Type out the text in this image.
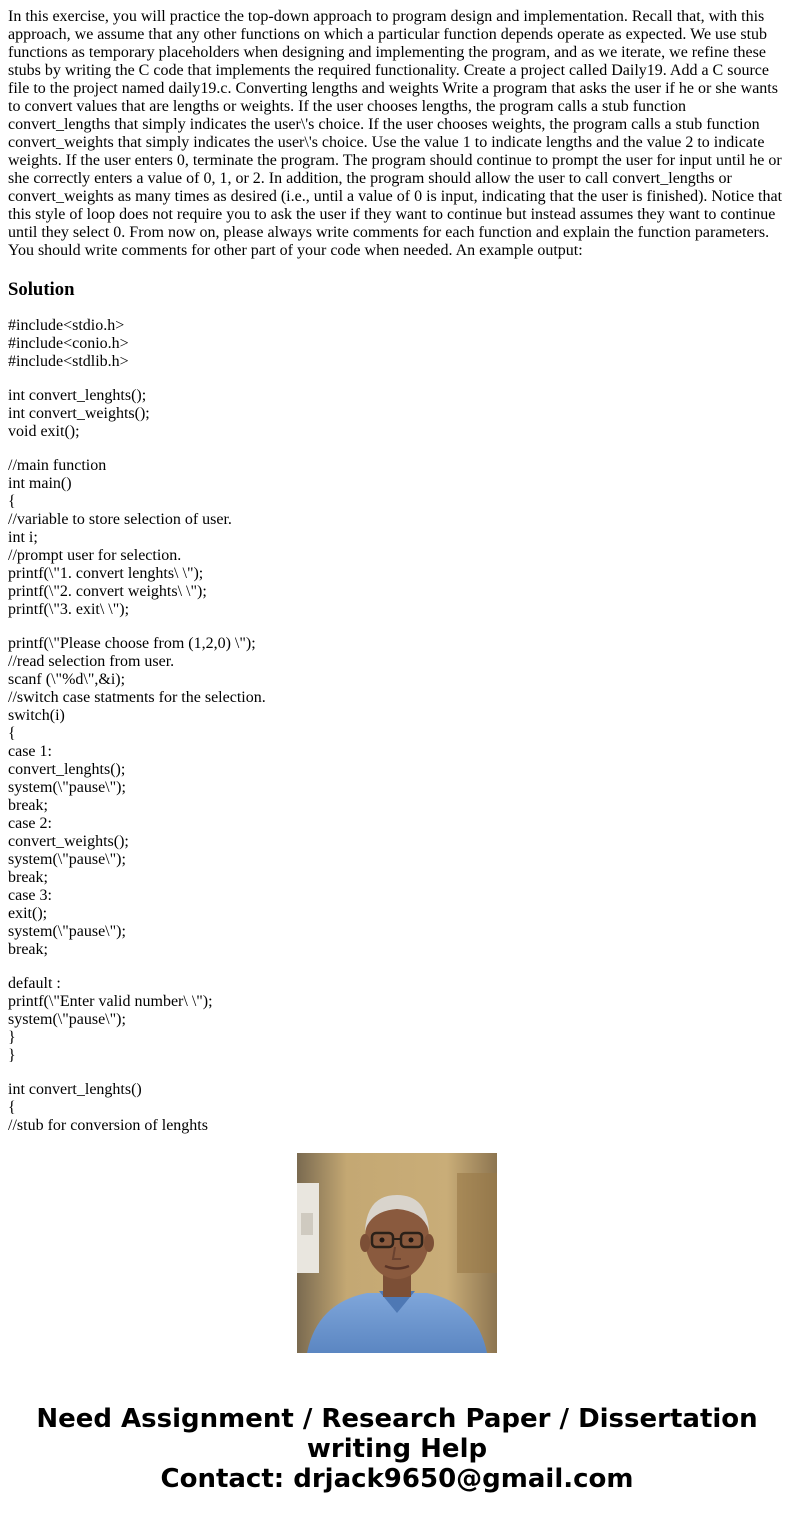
In this exercise, you will practice the top-down approach to program design and implementation. Recall that, with this approach, we assume that any other functions on which a particular function depends operate as expected. We use stub functions as temporary placeholders when designing and implementing the program, and as we iterate, we refine these stubs by writing the C code that implements the required functionality. Create a project called Daily19. Add a C source file to the project named daily19.c. Converting lengths and weights Write a program that asks the user if he or she wants to convert values that are lengths or weights. If the user chooses lengths, the program calls a stub function convert_lengths that simply indicates the user\'s choice. If the user chooses weights, the program calls a stub function convert_weights that simply indicates the user\'s choice. Use the value 1 to indicate lengths and the value 2 to indicate weights. If the user enters 0, terminate the program. The program should continue to prompt the user for input until he or she correctly enters a value of 0, 1, or 2. In addition, the program should allow the user to call convert_lengths or convert_weights as many times as desired (i.e., until a value of 0 is input, indicating that the user is finished). Notice that this style of loop does not require you to ask the user if they want to continue but instead assumes they want to continue until they select 0. From now on, please always write comments for each function and explain the function parameters. You should write comments for other part of your code when needed. An example output:

Solution
#include<stdio.h>
#include<conio.h>
#include<stdlib.h>
int convert_lenghts();
int convert_weights();
void exit();
//main function
int main()
{
//variable to store selection of user.
int i;
//prompt user for selection.
printf(\"1. convert lenghts\ \");
printf(\"2. convert weights\ \");
printf(\"3. exit\ \");
printf(\"Please choose from (1,2,0) \");
//read selection from user.
scanf (\"%d\",&i);
//switch case statments for the selection.
switch(i)
{
case 1:
convert_lenghts();
system(\"pause\");
break;
case 2:
convert_weights();
system(\"pause\");
break;
case 3:
exit();
system(\"pause\");
break;
default :
printf(\"Enter valid number\ \");
system(\"pause\");
}
}
int convert_lenghts()
{
//stub for conversion of lenghts
Need Assignment / Research Paper / Dissertation
writing Help
Contact: drjack9650@gmail.com
